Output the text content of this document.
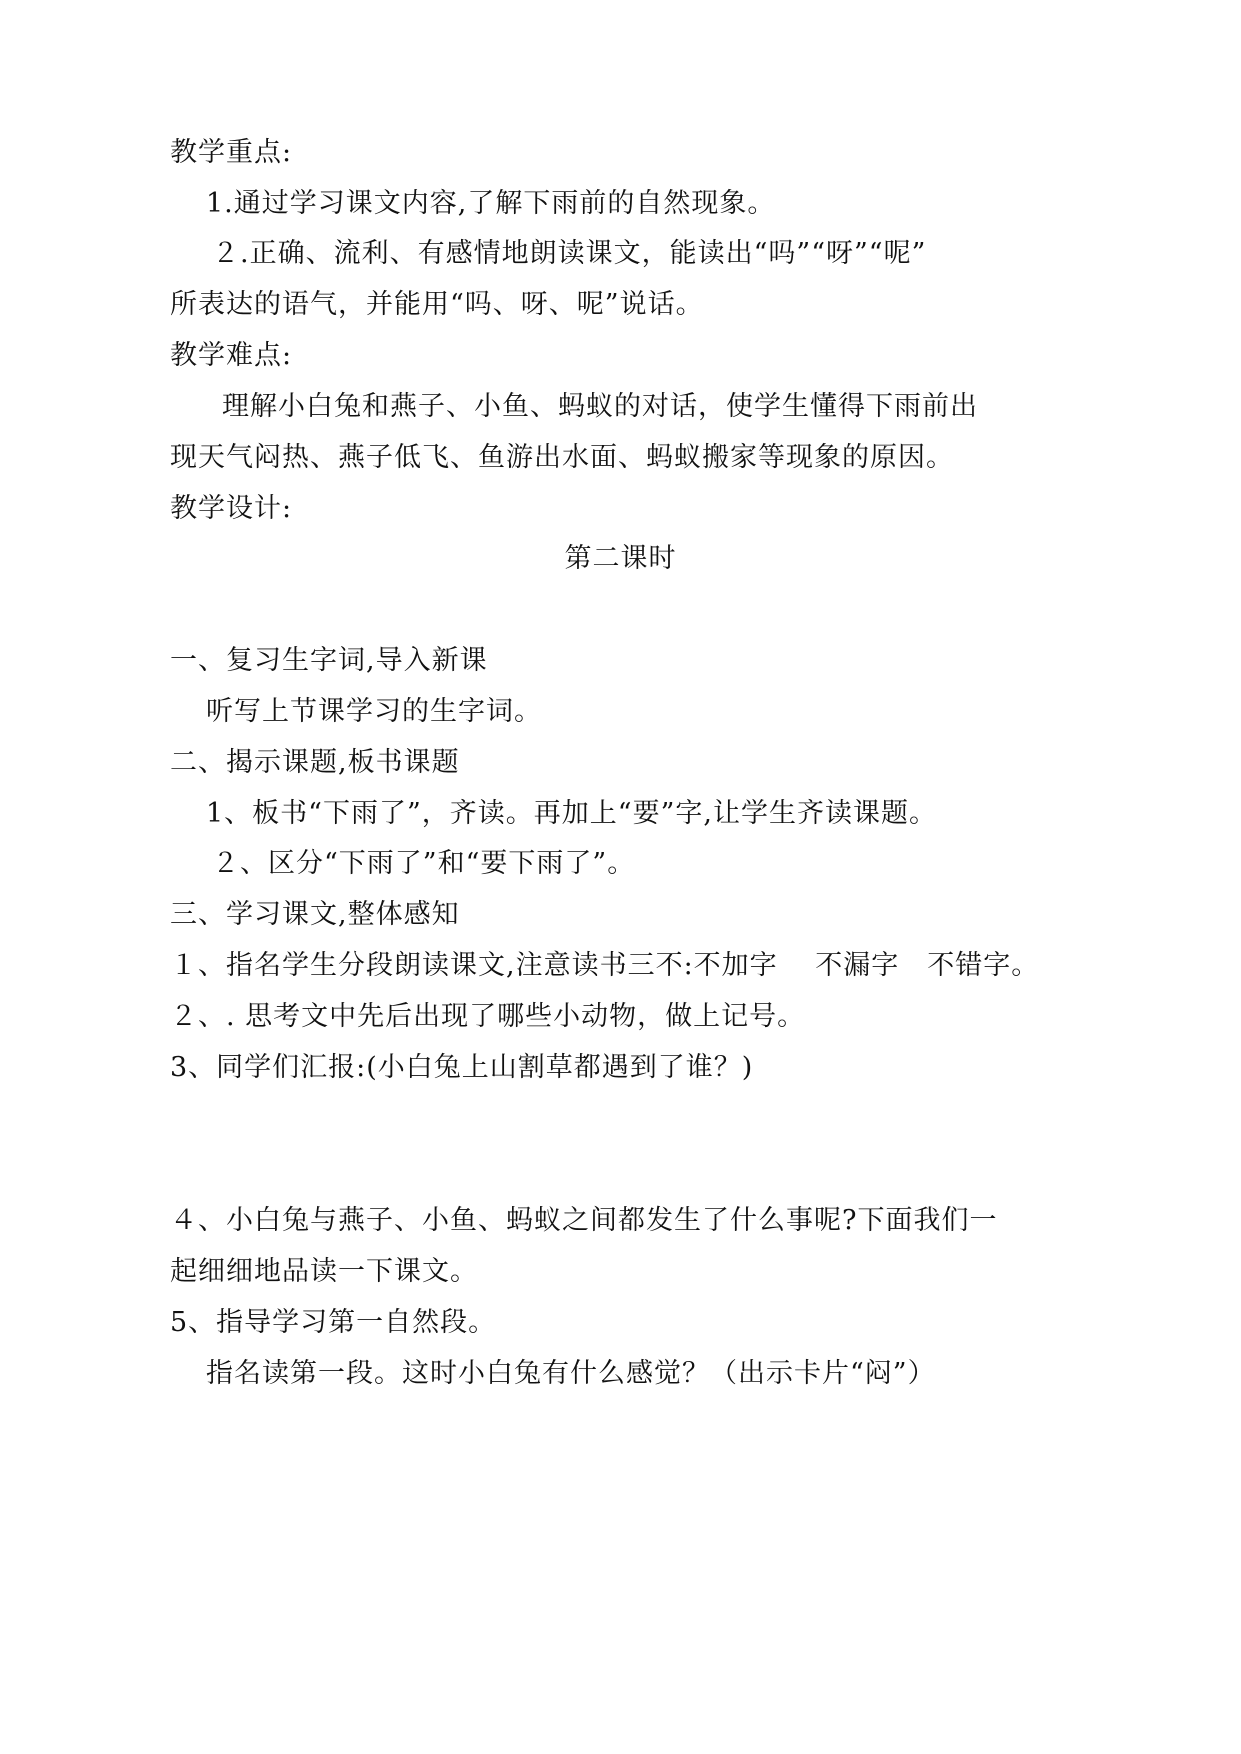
教学重点:
1.通过学习课文内容,了解下雨前的自然现象。
２.正确、流利、有感情地朗读课文，能读出“吗”“呀”“呢”
所表达的语气，并能用“吗、呀、呢”说话。
教学难点:
理解小白兔和燕子、小鱼、蚂蚁的对话，使学生懂得下雨前出
现天气闷热、燕子低飞、鱼游出水面、蚂蚁搬家等现象的原因。
教学设计:
第二课时
一、复习生字词,导入新课
听写上节课学习的生字词。
二、揭示课题,板书课题
1、板书“下雨了”，齐读。再加上“要”字,让学生齐读课题。
２、区分“下雨了”和“要下雨了”。
三、学习课文,整体感知
１、指名学生分段朗读课文,注意读书三不:不加字　 不漏字　不错字。
２、. 思考文中先后出现了哪些小动物，做上记号。
3、同学们汇报:(小白兔上山割草都遇到了谁？)
４、小白兔与燕子、小鱼、蚂蚁之间都发生了什么事呢?下面我们一
起细细地品读一下课文。
5、指导学习第一自然段。
指名读第一段。这时小白兔有什么感觉？（出示卡片“闷”）
